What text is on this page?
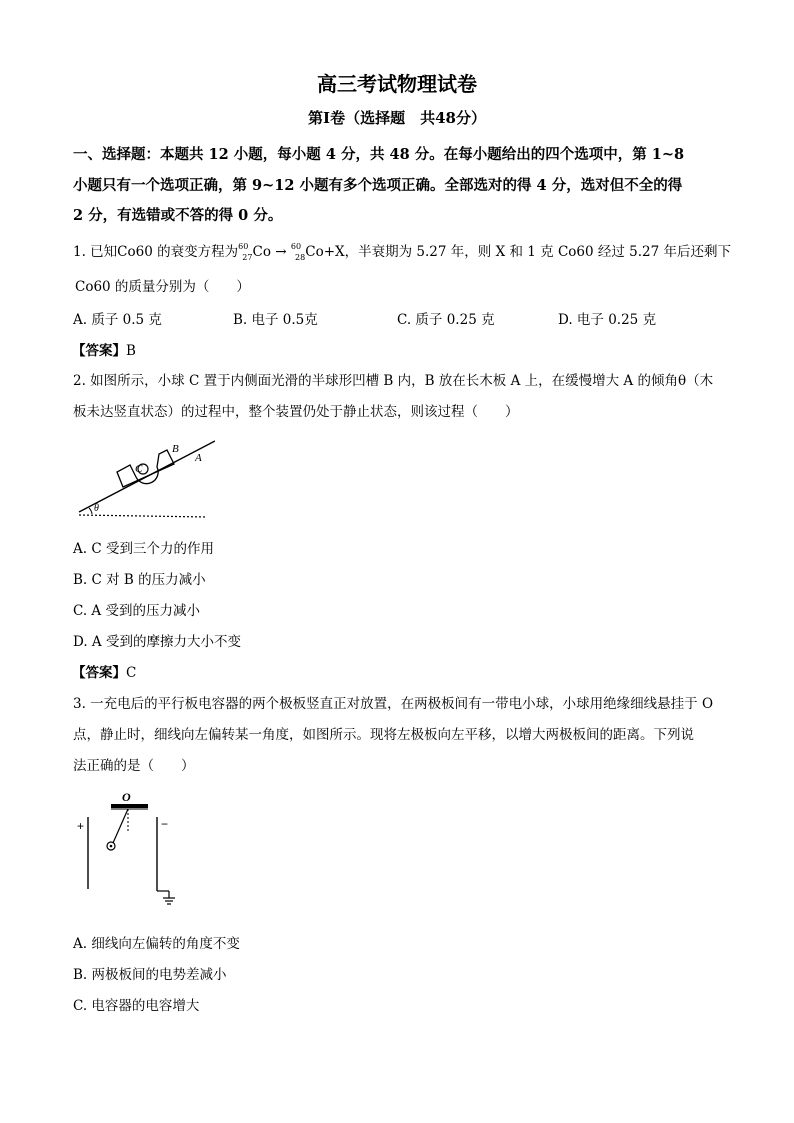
高三考试物理试卷
第Ⅰ卷（选择题　共48分）
一、选择题：本题共 12 小题，每小题 4 分，共 48 分。在每小题给出的四个选项中，第 1~8
小题只有一个选项正确，第 9~12 小题有多个选项正确。全部选对的得 4 分，选对但不全的得
2 分，有选错或不答的得 0 分。
1. 已知Co60 的衰变方程为$^{60}_{27}$Co → $^{60}_{28}$Co+X，半衰期为 5.27 年，则 X 和 1 克 Co60 经过 5.27 年后还剩下
Co60 的质量分别为（　　）
A. 质子 0.5 克	B. 电子 0.5克	C. 质子 0.25 克	D. 电子 0.25 克
【答案】B
2. 如图所示，小球 C 置于内侧面光滑的半球形凹槽 B 内，B 放在长木板 A 上，在缓慢增大 A 的倾角θ（木
板未达竖直状态）的过程中，整个装置仍处于静止状态，则该过程（　　）
C
B
A
θ
A. C 受到三个力的作用
B. C 对 B 的压力减小
C. A 受到的压力减小
D. A 受到的摩擦力大小不变
【答案】C
3. 一充电后的平行板电容器的两个极板竖直正对放置，在两极板间有一带电小球，小球用绝缘细线悬挂于 O
点，静止时，细线向左偏转某一角度，如图所示。现将左极板向左平移，以增大两极板间的距离。下列说
法正确的是（　　）
O
+	−
A. 细线向左偏转的角度不变
B. 两极板间的电势差减小
C. 电容器的电容增大
